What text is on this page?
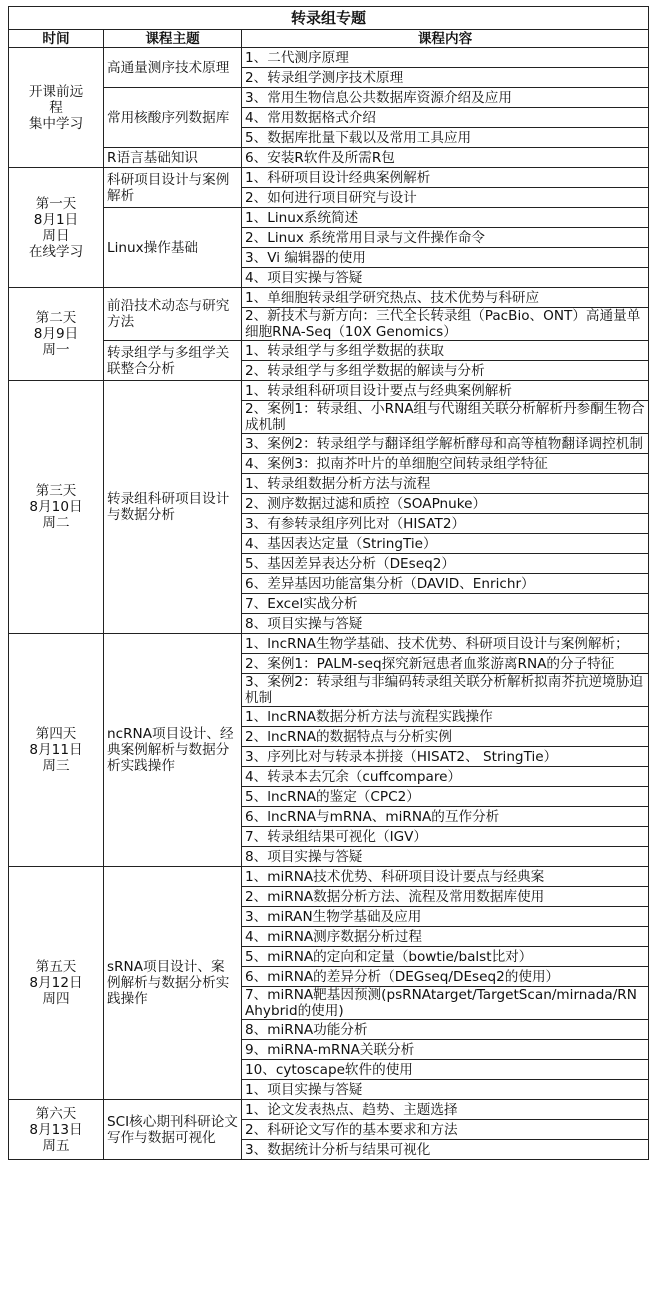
转录组专题		
时间	课程主题	课程内容

开课前远
程
集中学习	高通量测序技术原理	1、二代测序原理
		2、转录组学测序技术原理
	常用核酸序列数据库	3、常用生物信息公共数据库资源介绍及应用
		4、常用数据格式介绍
		5、数据库批量下载以及常用工具应用
	R语言基础知识	6、安装R软件及所需R包

第一天
8月1日
周日
在线学习	科研项目设计与案例解析	1、科研项目设计经典案例解析
		2、如何进行项目研究与设计
	Linux操作基础	1、Linux系统简述
		2、Linux 系统常用目录与文件操作命令
		3、Vi 编辑器的使用
		4、项目实操与答疑

第二天
8月9日
周一	前沿技术动态与研究方法	1、单细胞转录组学研究热点、技术优势与科研应
		2、新技术与新方向：三代全长转录组（PacBio、ONT）高通量单细胞RNA-Seq（10X Genomics）
	转录组学与多组学关联整合分析	1、转录组学与多组学数据的获取
		2、转录组学与多组学数据的解读与分析

第三天
8月10日
周二	转录组科研项目设计与数据分析	1、转录组科研项目设计要点与经典案例解析
		2、案例1：转录组、小RNA组与代谢组关联分析解析丹参酮生物合成机制
		3、案例2：转录组学与翻译组学解析酵母和高等植物翻译调控机制
		4、案例3：拟南芥叶片的单细胞空间转录组学特征
		1、转录组数据分析方法与流程
		2、测序数据过滤和质控（SOAPnuke）
		3、有参转录组序列比对（HISAT2）
		4、基因表达定量（StringTie）
		5、基因差异表达分析（DEseq2）
		6、差异基因功能富集分析（DAVID、Enrichr）
		7、Excel实战分析
		8、项目实操与答疑

第四天
8月11日
周三	ncRNA项目设计、经典案例解析与数据分析实践操作	1、lncRNA生物学基础、技术优势、科研项目设计与案例解析；
		2、案例1：PALM-seq探究新冠患者血浆游离RNA的分子特征
		3、案例2：转录组与非编码转录组关联分析解析拟南芥抗逆境胁迫机制
		1、lncRNA数据分析方法与流程实践操作
		2、lncRNA的数据特点与分析实例
		3、序列比对与转录本拼接（HISAT2、 StringTie）
		4、转录本去冗余（cuffcompare）
		5、lncRNA的鉴定（CPC2）
		6、lncRNA与mRNA、miRNA的互作分析
		7、转录组结果可视化（IGV）
		8、项目实操与答疑

第五天
8月12日
周四	sRNA项目设计、案例解析与数据分析实践操作	1、miRNA技术优势、科研项目设计要点与经典案
		2、miRNA数据分析方法、流程及常用数据库使用
		3、miRAN生物学基础及应用
		4、miRNA测序数据分析过程
		5、miRNA的定向和定量（bowtie/balst比对）
		6、miRNA的差异分析（DEGseq/DEseq2的使用）
		7、miRNA靶基因预测(psRNAtarget/TargetScan/mirnada/RNAhybrid的使用)
		8、miRNA功能分析
		9、miRNA-mRNA关联分析
		10、cytoscape软件的使用
		1、项目实操与答疑

第六天
8月13日
周五	SCI核心期刊科研论文写作与数据可视化	1、论文发表热点、趋势、主题选择
		2、科研论文写作的基本要求和方法
		3、数据统计分析与结果可视化
